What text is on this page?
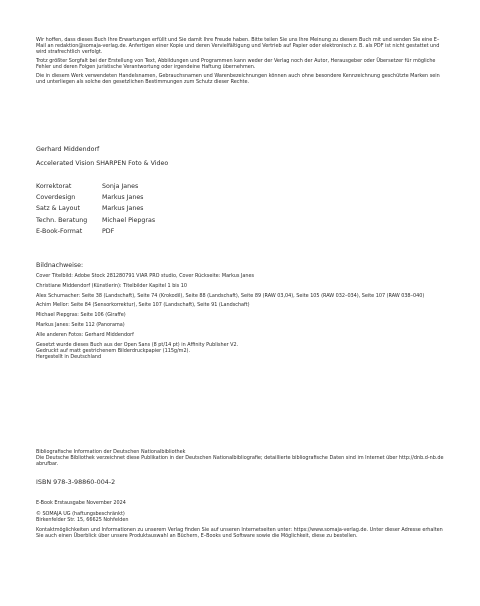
Wir hoffen, dass dieses Buch Ihre Erwartungen erfüllt und Sie damit Ihre Freude haben. Bitte teilen Sie uns Ihre Meinung zu diesem Buch mit und senden Sie eine E–Mail an redaktion@somaja-verlag.de. Anfertigen einer Kopie und deren Vervielfältigung und Vertrieb auf Papier oder elektronisch z. B. als PDF ist nicht gestattet und wird strafrechtlich verfolgt.

Trotz größter Sorgfalt bei der Erstellung von Text, Abbildungen und Programmen kann weder der Verlag noch der Autor, Herausgeber oder Übersetzer für mögliche Fehler und deren Folgen juristische Verantwortung oder irgendeine Haftung übernehmen.

Die in diesem Werk verwendeten Handelsnamen, Gebrauchsnamen und Warenbezeichnungen können auch ohne besondere Kennzeichnung geschützte Marken sein und unterliegen als solche den gesetzlichen Bestimmungen zum Schutz dieser Rechte.

Gerhard Middendorf

Accelerated Vision SHARPEN Foto & Video

Korrektorat	Sonja Janes
Coverdesign	Markus Janes
Satz & Layout	Markus Janes
Techn. Beratung	Michael Piepgras
E-Book-Format	PDF

Bildnachweise:

Cover Titelbild: Adobe Stock 281280791 VIAR PRO studio, Cover Rückseite: Markus Janes

Christiane Middendorf (Künstlerin): Titelbilder Kapitel 1 bis 10

Alex Schumacher: Seite 38 (Landschaft), Seite 74 (Krokodil), Seite 88 (Landschaft), Seite 89 (RAW 03,04), Seite 105 (RAW 032–034), Seite 107 (RAW 038–040)

Achim Mellor: Seite 84 (Sensorkorrektur), Seite 107 (Landschaft), Seite 91 (Landschaft)

Michael Piepgras: Seite 106 (Giraffe)

Markus Janes: Seite 112 (Panorama)

Alle anderen Fotos: Gerhard Middendorf

Gesetzt wurde dieses Buch aus der Open Sans (8 pt/14 pt) in Affinity Publisher V2.

Gedruckt auf matt gestrichenem Bilderdruckpapier (115g/m2).

Hergestellt in Deutschland

Bibliografische Information der Deutschen Nationalbibliothek

Die Deutsche Bibliothek verzeichnet diese Publikation in der Deutschen Nationalbibliografie; detaillierte bibliografische Daten sind im Internet über http://dnb.d-nb.de abrufbar.

ISBN 978-3-98860-004-2

E-Book Erstausgabe November 2024

© SOMAJA UG (haftungsbeschränkt)

Birkenfelder Str. 15, 66625 Nohfelden

Kontaktmöglichkeiten und Informationen zu unserem Verlag finden Sie auf unseren Internetseiten unter: https://www.somaja-verlag.de. Unter dieser Adresse erhalten Sie auch einen Überblick über unsere Produktauswahl an Büchern, E–Books und Software sowie die Möglichkeit, diese zu bestellen.
